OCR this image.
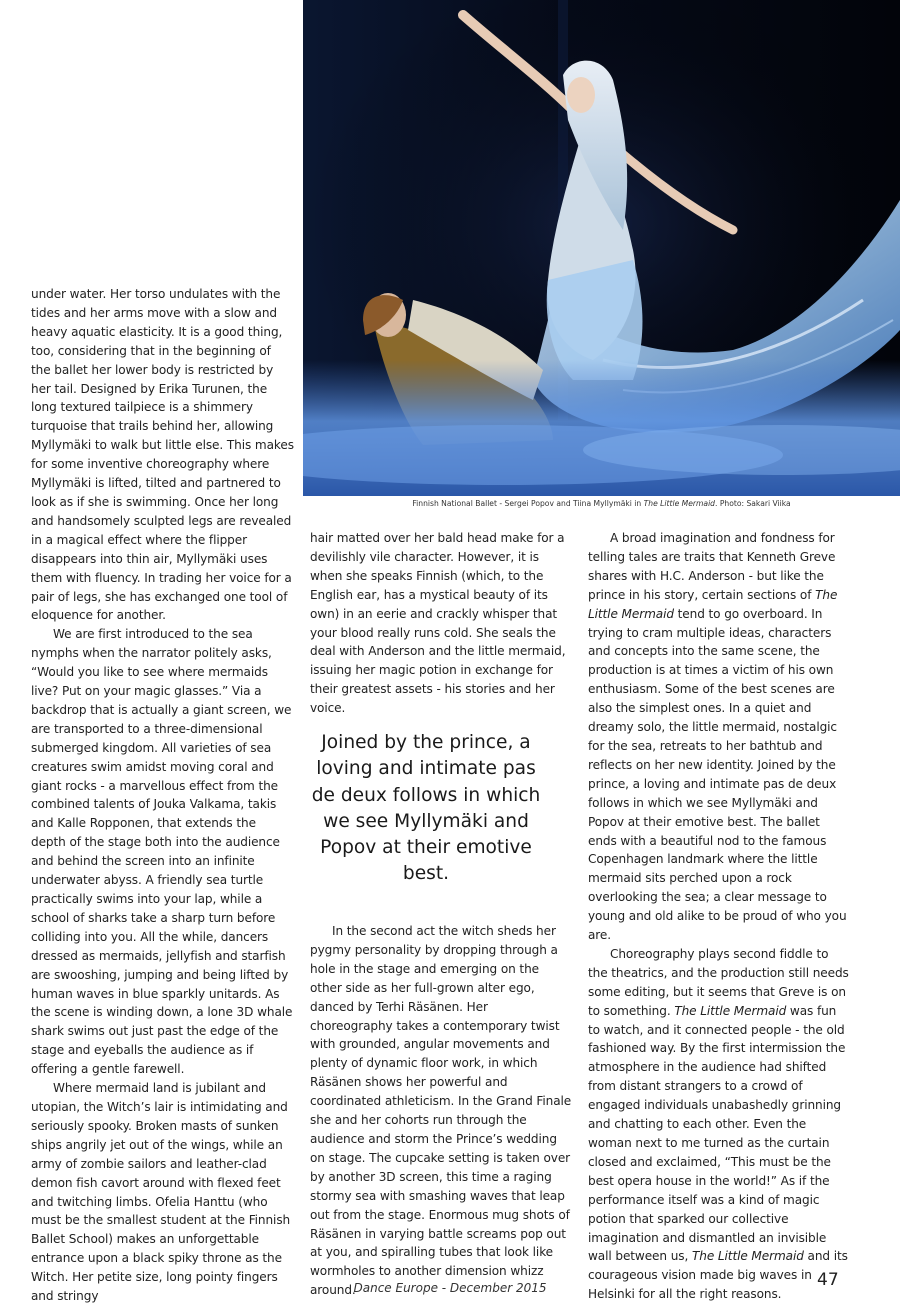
Finnish National Ballet - Sergei Popov and Tiina Myllymäki in The Little Mermaid. Photo: Sakari Viika

under water. Her torso undulates with the tides and her arms move with a slow and heavy aquatic elasticity. It is a good thing, too, considering that in the beginning of the ballet her lower body is restricted by her tail. Designed by Erika Turunen, the long textured tailpiece is a shimmery turquoise that trails behind her, allowing Myllymäki to walk but little else. This makes for some inventive choreography where Myllymäki is lifted, tilted and partnered to look as if she is swimming. Once her long and handsomely sculpted legs are revealed in a magical effect where the flipper disappears into thin air, Myllymäki uses them with fluency. In trading her voice for a pair of legs, she has exchanged one tool of eloquence for another.

We are first introduced to the sea nymphs when the narrator politely asks, “Would you like to see where mermaids live? Put on your magic glasses.” Via a backdrop that is actually a giant screen, we are transported to a three-dimensional submerged kingdom. All varieties of sea creatures swim amidst moving coral and giant rocks - a marvellous effect from the combined talents of Jouka Valkama, takis and Kalle Ropponen, that extends the depth of the stage both into the audience and behind the screen into an infinite underwater abyss. A friendly sea turtle practically swims into your lap, while a school of sharks take a sharp turn before colliding into you. All the while, dancers dressed as mermaids, jellyfish and starfish are swooshing, jumping and being lifted by human waves in blue sparkly unitards. As the scene is winding down, a lone 3D whale shark swims out just past the edge of the stage and eyeballs the audience as if offering a gentle farewell.

Where mermaid land is jubilant and utopian, the Witch’s lair is intimidating and seriously spooky. Broken masts of sunken ships angrily jet out of the wings, while an army of zombie sailors and leather-clad demon fish cavort around with flexed feet and twitching limbs. Ofelia Hanttu (who must be the smallest student at the Finnish Ballet School) makes an unforgettable entrance upon a black spiky throne as the Witch. Her petite size, long pointy fingers and stringy

hair matted over her bald head make for a devilishly vile character. However, it is when she speaks Finnish (which, to the English ear, has a mystical beauty of its own) in an eerie and crackly whisper that your blood really runs cold. She seals the deal with Anderson and the little mermaid, issuing her magic potion in exchange for their greatest assets - his stories and her voice.

Joined by the prince, a loving and intimate pas de deux follows in which we see Myllymäki and Popov at their emotive best.

In the second act the witch sheds her pygmy personality by dropping through a hole in the stage and emerging on the other side as her full-grown alter ego, danced by Terhi Räsänen. Her choreography takes a contemporary twist with grounded, angular movements and plenty of dynamic floor work, in which Räsänen shows her powerful and coordinated athleticism. In the Grand Finale she and her cohorts run through the audience and storm the Prince’s wedding on stage. The cupcake setting is taken over by another 3D screen, this time a raging stormy sea with smashing waves that leap out from the stage. Enormous mug shots of Räsänen in varying battle screams pop out at you, and spiralling tubes that look like wormholes to another dimension whizz around.

A broad imagination and fondness for telling tales are traits that Kenneth Greve shares with H.C. Anderson - but like the prince in his story, certain sections of The Little Mermaid tend to go overboard. In trying to cram multiple ideas, characters and concepts into the same scene, the production is at times a victim of his own enthusiasm. Some of the best scenes are also the simplest ones. In a quiet and dreamy solo, the little mermaid, nostalgic for the sea, retreats to her bathtub and reflects on her new identity. Joined by the prince, a loving and intimate pas de deux follows in which we see Myllymäki and Popov at their emotive best. The ballet ends with a beautiful nod to the famous Copenhagen landmark where the little mermaid sits perched upon a rock overlooking the sea; a clear message to young and old alike to be proud of who you are.

Choreography plays second fiddle to the theatrics, and the production still needs some editing, but it seems that Greve is on to something. The Little Mermaid was fun to watch, and it connected people - the old fashioned way. By the first intermission the atmosphere in the audience had shifted from distant strangers to a crowd of engaged individuals unabashedly grinning and chatting to each other. Even the woman next to me turned as the curtain closed and exclaimed, “This must be the best opera house in the world!” As if the performance itself was a kind of magic potion that sparked our collective imagination and dismantled an invisible wall between us, The Little Mermaid and its courageous vision made big waves in Helsinki for all the right reasons.

Dance Europe - December 2015	47
